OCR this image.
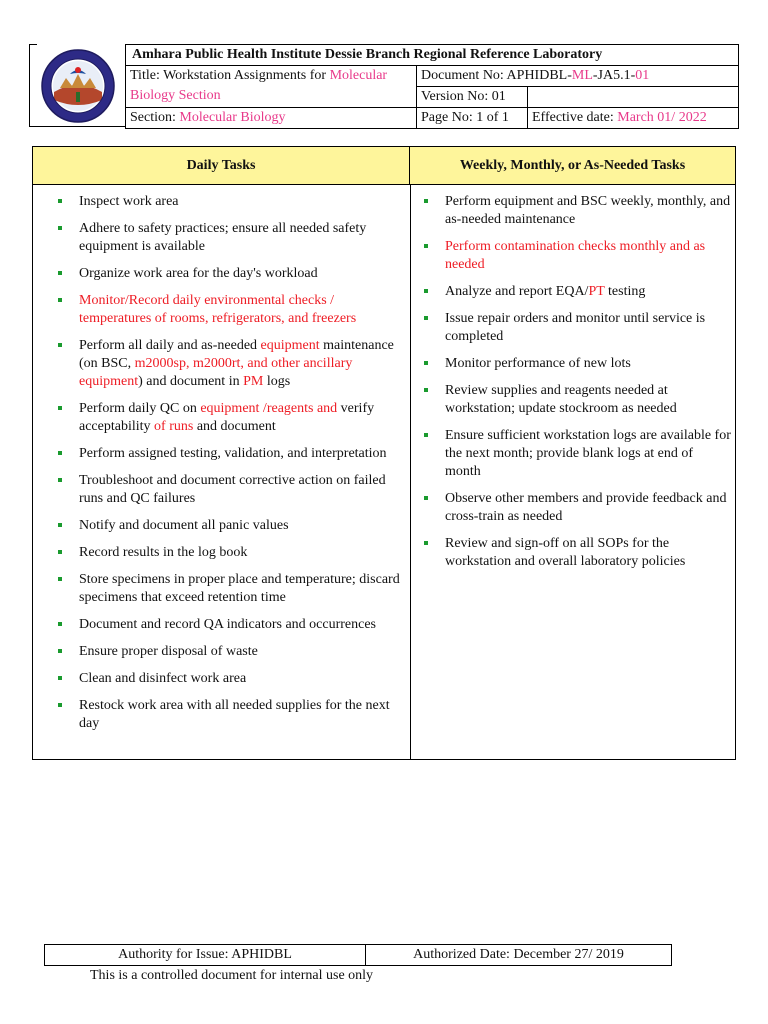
Amhara Public Health Institute Dessie Branch Regional Reference Laboratory		
Title: Workstation Assignments for Molecular Biology Section	Document No: APHIDBL-ML-JA5.1-01	
	Version No: 01	
Section: Molecular Biology	Page No: 1 of 1	Effective date: March 01/ 2022
Daily Tasks	Weekly, Monthly, or As-Needed Tasks
Inspect work area
Adhere to safety practices; ensure all needed safety equipment is available
Organize work area for the day's workload
Monitor/Record daily environmental checks / temperatures of rooms, refrigerators, and freezers
Perform all daily and as-needed equipment maintenance (on BSC, m2000sp, m2000rt, and other ancillary equipment) and document in PM logs
Perform daily QC on equipment /reagents and verify acceptability of runs and document
Perform assigned testing, validation, and interpretation
Troubleshoot and document corrective action on failed runs and QC failures
Notify and document all panic values
Record results in the log book
Store specimens in proper place and temperature; discard specimens that exceed retention time
Document and record QA indicators and occurrences
Ensure proper disposal of waste
Clean and disinfect work area
Restock work area with all needed supplies for the next day
Perform equipment and BSC weekly, monthly, and as-needed maintenance
Perform contamination checks monthly and as needed
Analyze and report EQA/PT testing
Issue repair orders and monitor until service is completed
Monitor performance of new lots
Review supplies and reagents needed at workstation; update stockroom as needed
Ensure sufficient workstation logs are available for the next month; provide blank logs at end of month
Observe other members and provide feedback and cross-train as needed
Review and sign-off on all SOPs for the workstation and overall laboratory policies
Authority for Issue: APHIDBL	Authorized Date: December 27/ 2019
This is a controlled document for internal use only
